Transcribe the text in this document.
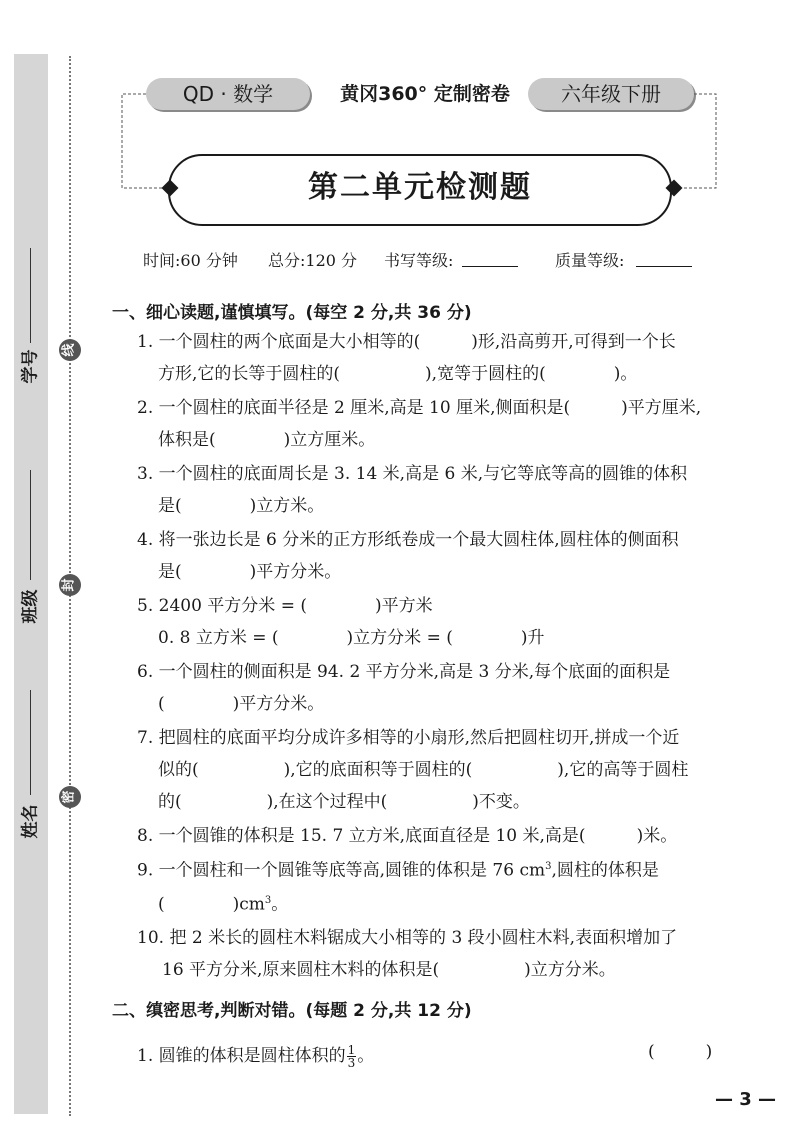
学号
班级
姓名
线
封
密
QD · 数学	黄冈360° 定制密卷	六年级下册
第二单元检测题
时间:60 分钟 总分:120 分 书写等级:	质量等级:
一、细心读题,谨慎填写。(每空 2 分,共 36 分)
1. 一个圆柱的两个底面是大小相等的(　　　)形,沿高剪开,可得到一个长
方形,它的长等于圆柱的(　　　　　),宽等于圆柱的(　　　　)。
2. 一个圆柱的底面半径是 2 厘米,高是 10 厘米,侧面积是(　　　)平方厘米,
体积是(　　　　)立方厘米。
3. 一个圆柱的底面周长是 3. 14 米,高是 6 米,与它等底等高的圆锥的体积
是(　　　　)立方米。
4. 将一张边长是 6 分米的正方形纸卷成一个最大圆柱体,圆柱体的侧面积
是(　　　　)平方分米。
5. 2400 平方分米 = (　　　　)平方米
0. 8 立方米 = (　　　　)立方分米 = (　　　　)升
6. 一个圆柱的侧面积是 94. 2 平方分米,高是 3 分米,每个底面的面积是
(　　　　)平方分米。
7. 把圆柱的底面平均分成许多相等的小扇形,然后把圆柱切开,拼成一个近
似的(　　　　　),它的底面积等于圆柱的(　　　　　),它的高等于圆柱
的(　　　　　),在这个过程中(　　　　　)不变。
8. 一个圆锥的体积是 15. 7 立方米,底面直径是 10 米,高是(　　　)米。
9. 一个圆柱和一个圆锥等底等高,圆锥的体积是 76 $cm^3$,圆柱的体积是
(　　　　)$cm^3$。
10. 把 2 米长的圆柱木料锯成大小相等的 3 段小圆柱木料,表面积增加了
16 平方分米,原来圆柱木料的体积是(　　　　　)立方分米。
二、缜密思考,判断对错。(每题 2 分,共 12 分)
1. 圆锥的体积是圆柱体积的 $\frac{1}{3}$ 。	(　　　)
— 3 —
